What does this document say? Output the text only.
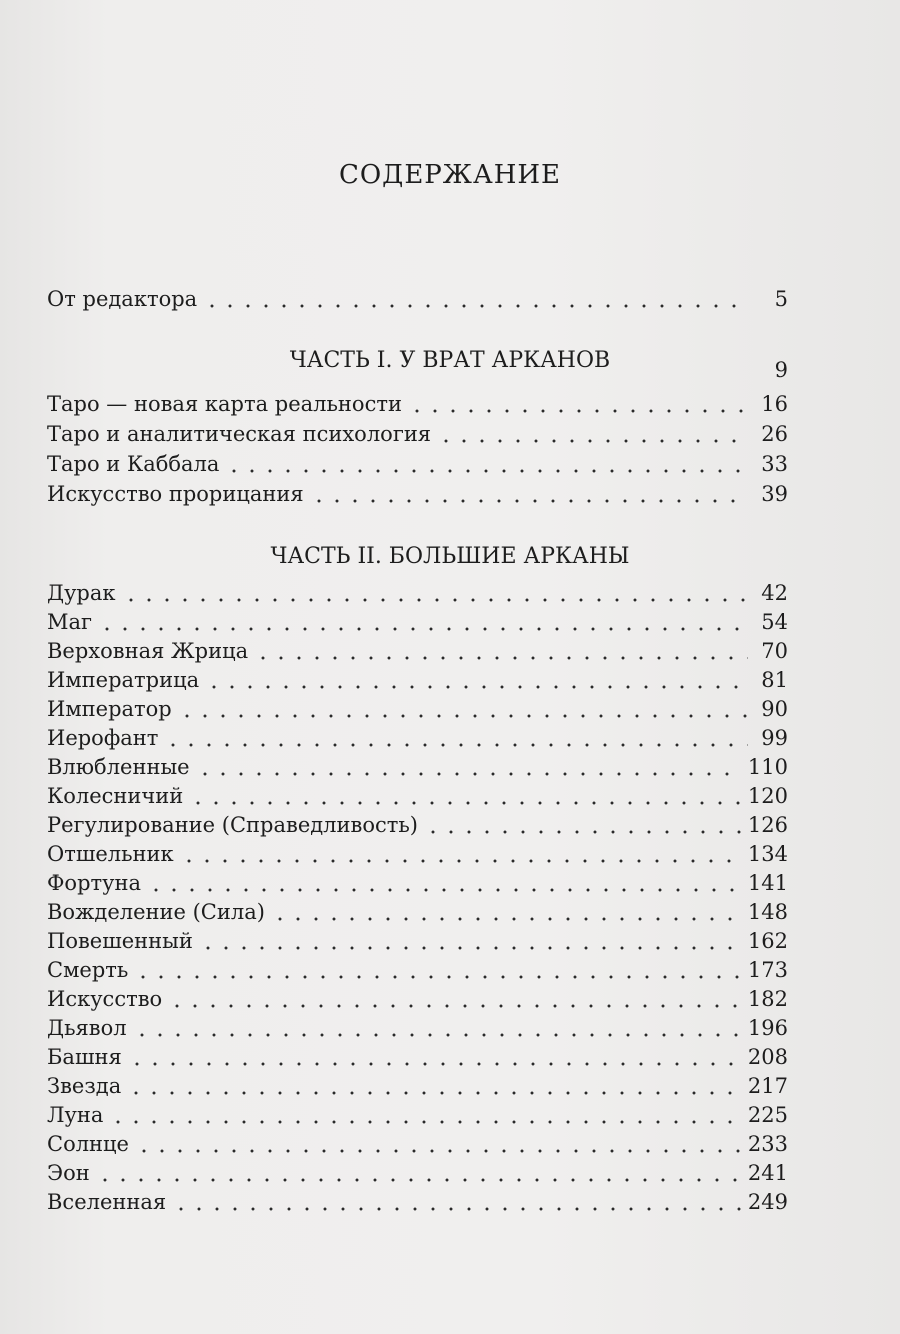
СОДЕРЖАНИЕ
От редактора	5
ЧАСТЬ I. У ВРАТ АРКАНОВ	9
Таро — новая карта реальности	16
Таро и аналитическая психология	26
Таро и Каббала	33
Искусство прорицания	39
ЧАСТЬ II. БОЛЬШИЕ АРКАНЫ
Дурак	42
Маг	54
Верховная Жрица	70
Императрица	81
Император	90
Иерофант	99
Влюбленные	110
Колесничий	120
Регулирование (Справедливость)	126
Отшельник	134
Фортуна	141
Вожделение (Сила)	148
Повешенный	162
Смерть	173
Искусство	182
Дьявол	196
Башня	208
Звезда	217
Луна	225
Солнце	233
Эон	241
Вселенная	249
